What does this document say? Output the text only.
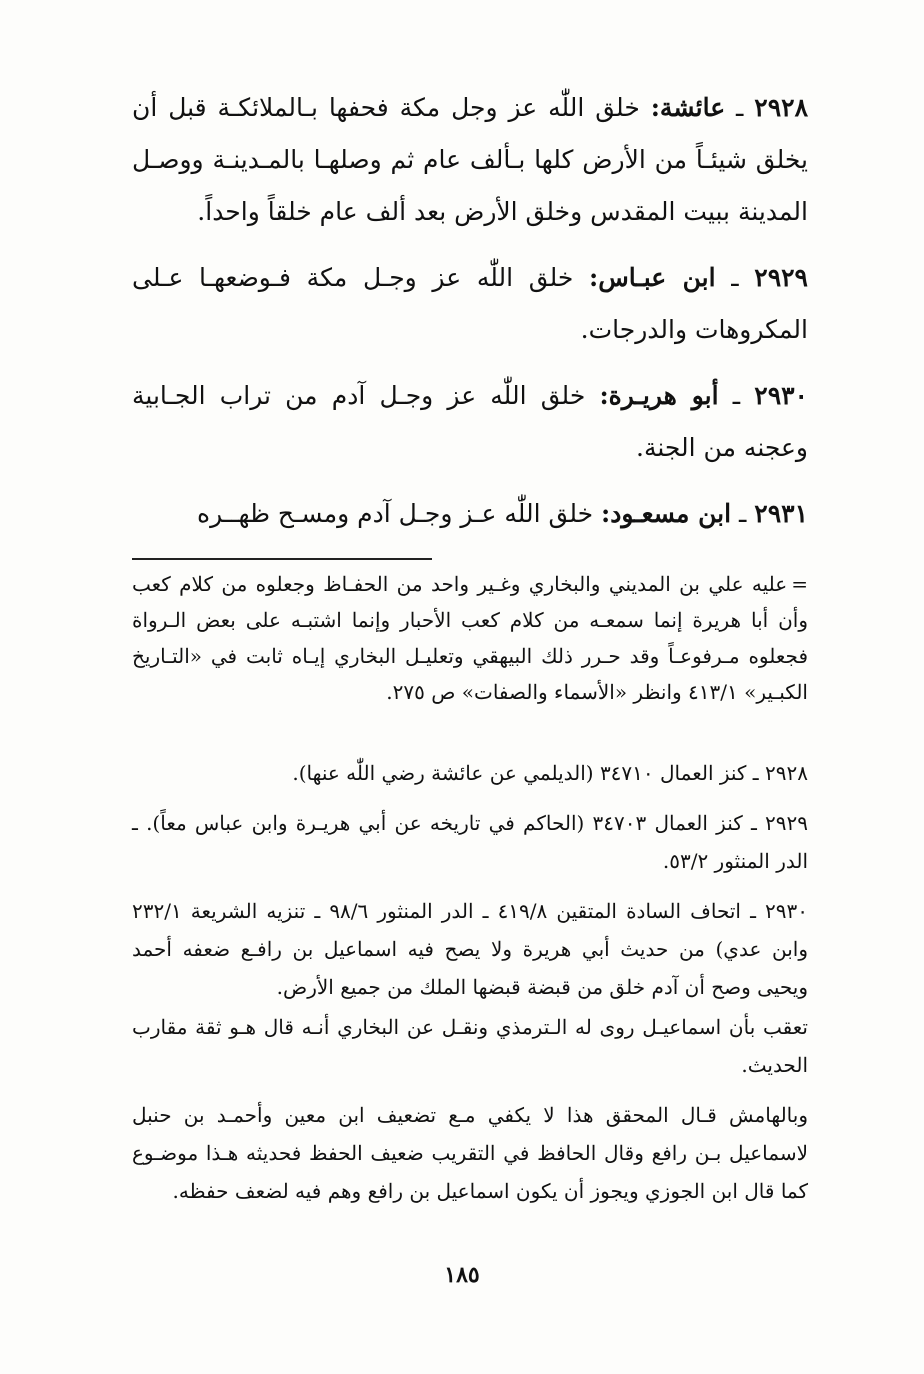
٢٩٢٨ ـ عائشة: خلق اللّٰه عز وجل مكة فحفها بـالملائكـة قبل أن يخلق شيئـاً من الأرض كلها بـألف عام ثم وصلهـا بالمـدينـة ووصـل المدينة ببيت المقدس وخلق الأرض بعد ألف عام خلقاً واحداً.

٢٩٢٩ ـ ابن عبـاس: خلق اللّٰه عز وجـل مكة فـوضعهـا عـلى المكروهات والدرجات.

٢٩٣٠ ـ أبو هريـرة: خلق اللّٰه عز وجـل آدم من تراب الجـابية وعجنه من الجنة.

٢٩٣١ ـ ابن مسعـود: خلق اللّٰه عـز وجـل آدم ومسـح ظهــره

=عليه علي بن المديني والبخاري وغـير واحد من الحفـاظ وجعلوه من كلام كعب وأن أبا هريرة إنما سمعـه من كلام كعب الأحبار وإنما اشتبـه على بعض الـرواة فجعلوه مـرفوعـاً وقد حـرر ذلك البيهقي وتعليـل البخاري إيـاه ثابت في «التـاريخ الكبـير» ٤١٣/١ وانظر «الأسماء والصفات» ص ٢٧٥.

٢٩٢٨ ـ كنز العمال ٣٤٧١٠ (الديلمي عن عائشة رضي اللّٰه عنها).

٢٩٢٩ ـ كنز العمال ٣٤٧٠٣ (الحاكم في تاريخه عن أبي هريـرة وابن عباس معاً). ـ الدر المنثور ٥٣/٢.

٢٩٣٠ ـ اتحاف السادة المتقين ٤١٩/٨ ـ الدر المنثور ٩٨/٦ ـ تنزيه الشريعة ٢٣٢/١ وابن عدي) من حديث أبي هريرة ولا يصح فيه اسماعيل بن رافـع ضعفه أحمد ويحيى وصح أن آدم خلق من قبضة قبضها الملك من جميع الأرض.

تعقب بأن اسماعيـل روى له الـترمذي ونقـل عن البخاري أنـه قال هـو ثقة مقارب الحديث.

وبالهامش قـال المحقق هذا لا يكفي مـع تضعيف ابن معين وأحمـد بن حنبل لاسماعيل بـن رافع وقال الحافظ في التقريب ضعيف الحفظ فحديثه هـذا موضـوع كما قال ابن الجوزي ويجوز أن يكون اسماعيل بن رافع وهم فيه لضعف حفظه.

١٨٥
